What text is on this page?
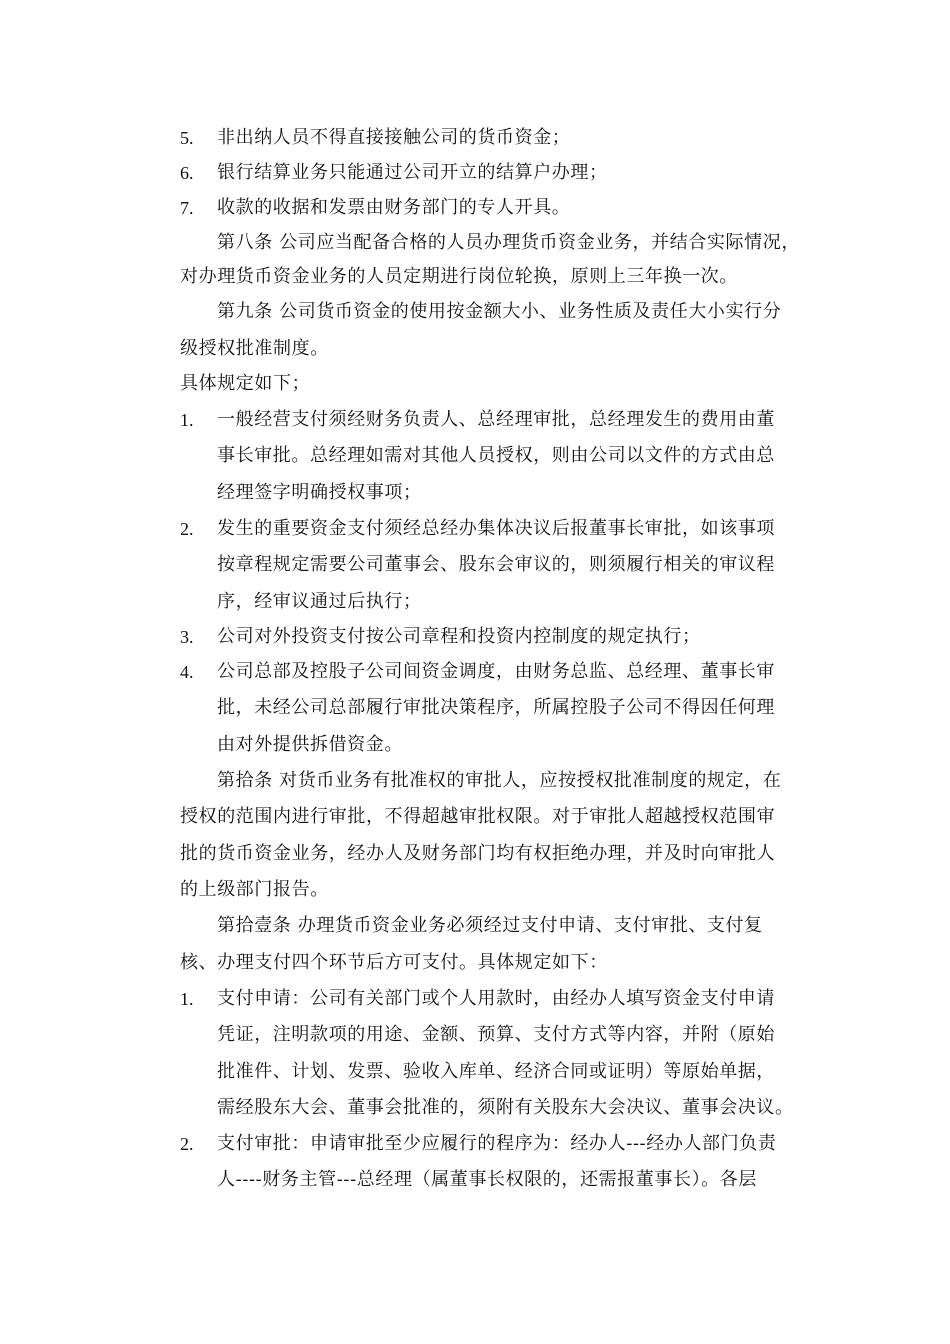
5. 非出纳人员不得直接接触公司的货币资金；
6. 银行结算业务只能通过公司开立的结算户办理；
7. 收款的收据和发票由财务部门的专人开具。
第八条 公司应当配备合格的人员办理货币资金业务，并结合实际情况，
对办理货币资金业务的人员定期进行岗位轮换，原则上三年换一次。
第九条 公司货币资金的使用按金额大小、业务性质及责任大小实行分
级授权批准制度。
具体规定如下；
1. 一般经营支付须经财务负责人、总经理审批，总经理发生的费用由董
事长审批。总经理如需对其他人员授权，则由公司以文件的方式由总
经理签字明确授权事项；
2. 发生的重要资金支付须经总经办集体决议后报董事长审批，如该事项
按章程规定需要公司董事会、股东会审议的，则须履行相关的审议程
序，经审议通过后执行；
3. 公司对外投资支付按公司章程和投资内控制度的规定执行；
4. 公司总部及控股子公司间资金调度，由财务总监、总经理、董事长审
批，未经公司总部履行审批决策程序，所属控股子公司不得因任何理
由对外提供拆借资金。
第拾条 对货币业务有批准权的审批人，应按授权批准制度的规定，在
授权的范围内进行审批，不得超越审批权限。对于审批人超越授权范围审
批的货币资金业务，经办人及财务部门均有权拒绝办理，并及时向审批人
的上级部门报告。
第拾壹条 办理货币资金业务必须经过支付申请、支付审批、支付复
核、办理支付四个环节后方可支付。具体规定如下：
1. 支付申请：公司有关部门或个人用款时，由经办人填写资金支付申请
凭证，注明款项的用途、金额、预算、支付方式等内容，并附（原始
批准件、计划、发票、验收入库单、经济合同或证明）等原始单据，
需经股东大会、董事会批准的，须附有关股东大会决议、董事会决议。
2. 支付审批：申请审批至少应履行的程序为：经办人---经办人部门负责
人----财务主管---总经理（属董事长权限的，还需报董事长）。各层
